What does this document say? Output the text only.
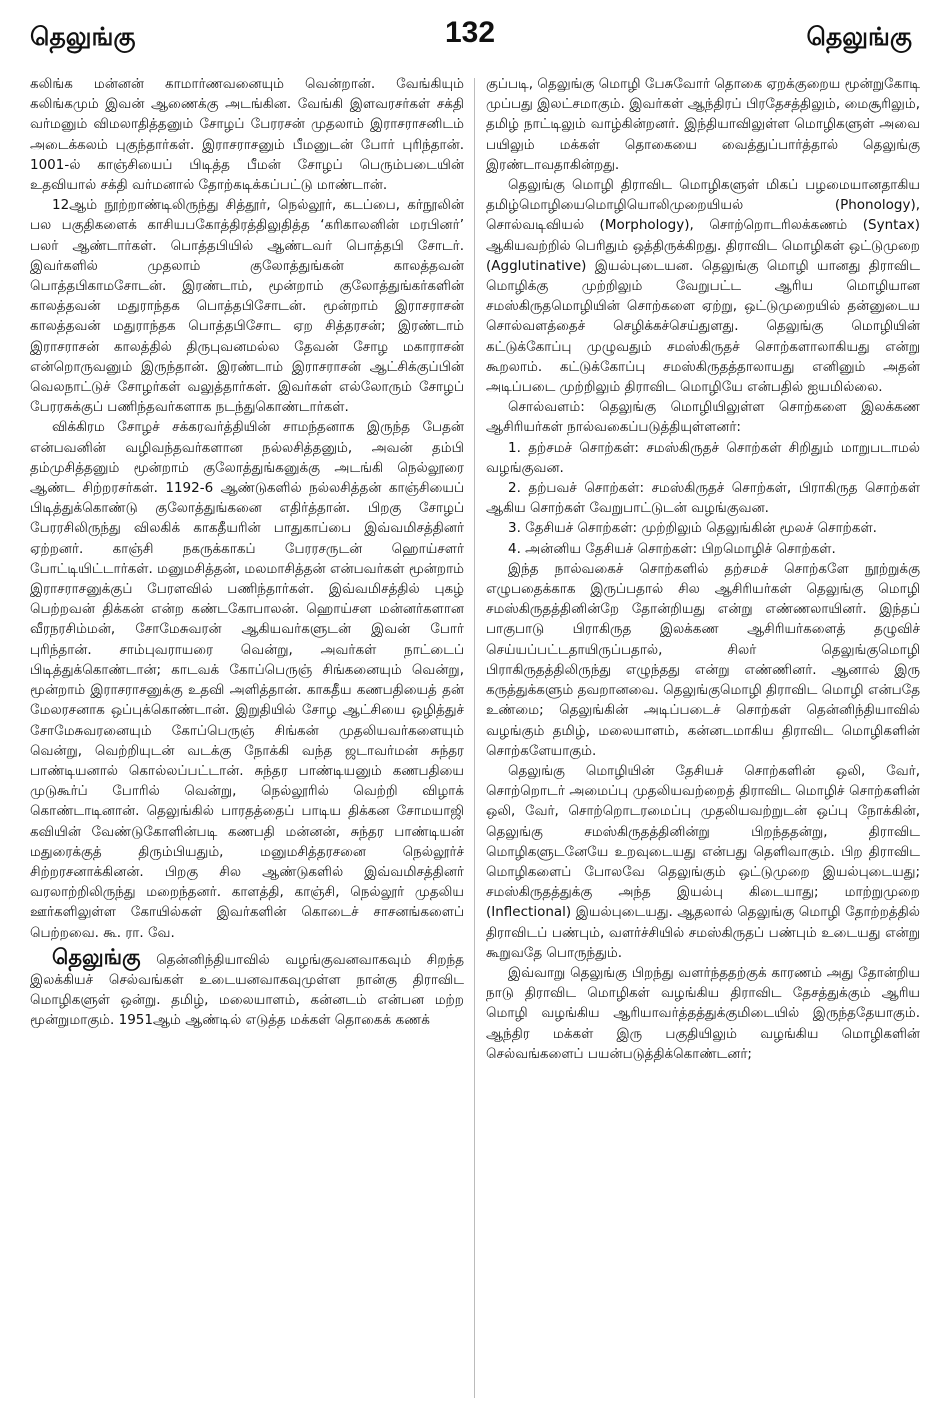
தெலுங்கு	132	தெலுங்கு

கலிங்க மன்னன் காமார்ணவனையும் வென்றான். வேங்கியும் கலிங்கமும் இவன் ஆணைக்கு அடங்கின. வேங்கி இளவரசர்கள் சக்தி வர்மனும் விமலாதித்தனும் சோழப் பேரரசன் முதலாம் இராசராசனிடம் அடைக்கலம் புகுந்தார்கள். இராசராசனும் பீமனுடன் போர் புரிந்தான். 1001-ல் காஞ்சியைப் பிடித்த பீமன் சோழப் பெரும்படையின் உதவியால் சக்தி வர்மனால் தோற்கடிக்கப்பட்டு மாண்டான்.

12ஆம் நூற்றாண்டிலிருந்து சித்தூர், நெல்லூர், கடப்பை, கர்நூலின் பல பகுதிகளைக் காசியபகோத்திரத்திலுதித்த ‘கரிகாலனின் மரபினர்’ பலர் ஆண்டார்கள். பொத்தபியில் ஆண்டவர் பொத்தபி சோடர். இவர்களில் முதலாம் குலோத்துங்கன் காலத்தவன் பொத்தபிகாமசோடன். இரண்டாம், மூன்றாம் குலோத்துங்கர்களின் காலத்தவன் மதுராந்தக பொத்தபிசோடன். மூன்றாம் இராசராசன் காலத்தவன் மதுராந்தக பொத்தபிசோட ஏற சித்தரசன்; இரண்டாம் இராசராசன் காலத்தில் திருபுவனமல்ல தேவன் சோழ மகாராசன் என்றொருவனும் இருந்தான். இரண்டாம் இராசராசன் ஆட்சிக்குப்பின் வெலநாட்டுச் சோழர்கள் வலுத்தார்கள். இவர்கள் எல்லோரும் சோழப் பேரரசுக்குப் பணிந்தவர்களாக நடந்துகொண்டார்கள்.

விக்கிரம சோழச் சக்கரவர்த்தியின் சாமந்தனாக இருந்த பேதன் என்பவனின் வழிவந்தவர்களான நல்லசித்தனும், அவன் தம்பி தம்முசித்தனும் மூன்றாம் குலோத்துங்கனுக்கு அடங்கி நெல்லூரை ஆண்ட சிற்றரசர்கள். 1192-6 ஆண்டுகளில் நல்லசித்தன் காஞ்சியைப் பிடித்துக்கொண்டு குலோத்துங்கனை எதிர்த்தான். பிறகு சோழப் பேரரசிலிருந்து விலகிக் காகதீயரின் பாதுகாப்பை இவ்வமிசத்தினர் ஏற்றனர். காஞ்சி நகருக்காகப் பேரரசருடன் ஹொய்சளர் போட்டியிட்டார்கள். மனுமசித்தன், மலமாசித்தன் என்பவர்கள் மூன்றாம் இராசராசனுக்குப் பேரளவில் பணிந்தார்கள். இவ்வமிசத்தில் புகழ் பெற்றவன் திக்கன் என்ற கண்டகோபாலன். ஹொய்சள மன்னர்களான வீரநரசிம்மன், சோமேசுவரன் ஆகியவர்களுடன் இவன் போர் புரிந்தான். சாம்புவராயரை வென்று, அவர்கள் நாட்டைப் பிடித்துக்கொண்டான்; காடவக் கோப்பெருஞ் சிங்கனையும் வென்று, மூன்றாம் இராசராசனுக்கு உதவி அளித்தான். காகதீய கணபதியைத் தன் மேலரசனாக ஒப்புக்கொண்டான். இறுதியில் சோழ ஆட்சியை ஒழித்துச் சோமேசுவரனையும் கோப்பெருஞ் சிங்கன் முதலியவர்களையும் வென்று, வெற்றியுடன் வடக்கு நோக்கி வந்த ஜடாவர்மன் சுந்தர பாண்டியனால் கொல்லப்பட்டான். சுந்தர பாண்டியனும் கணபதியை முடுகூர்ப் போரில் வென்று, நெல்லூரில் வெற்றி விழாக் கொண்டாடினான். தெலுங்கில் பாரதத்தைப் பாடிய திக்கன சோமயாஜி கவியின் வேண்டுகோளின்படி கணபதி மன்னன், சுந்தர பாண்டியன் மதுரைக்குத் திரும்பியதும், மனுமசித்தரசனை நெல்லூர்ச் சிற்றரசனாக்கினன். பிறகு சில ஆண்டுகளில் இவ்வமிசத்தினர் வரலாற்றிலிருந்து மறைந்தனர். காளத்தி, காஞ்சி, நெல்லூர் முதலிய ஊர்களிலுள்ள கோயில்கள் இவர்களின் கொடைச் சாசனங்களைப் பெற்றவை. கூ. ரா. வே.

தெலுங்கு தென்னிந்தியாவில் வழங்குவனவாகவும் சிறந்த இலக்கியச் செல்வங்கள் உடையனவாகவுமுள்ள நான்கு திராவிட மொழிகளுள் ஒன்று. தமிழ், மலையாளம், கன்னடம் என்பன மற்ற மூன்றுமாகும். 1951ஆம் ஆண்டில் எடுத்த மக்கள் தொகைக் கணக்

குப்படி, தெலுங்கு மொழி பேசுவோர் தொகை ஏறக்குறைய மூன்றுகோடி முப்பது இலட்சமாகும். இவர்கள் ஆந்திரப் பிரதேசத்திலும், மைசூரிலும், தமிழ் நாட்டிலும் வாழ்கின்றனர். இந்தியாவிலுள்ள மொழிகளுள் அவை பயிலும் மக்கள் தொகையை வைத்துப்பார்த்தால் தெலுங்கு இரண்டாவதாகின்றது.

தெலுங்கு மொழி திராவிட மொழிகளுள் மிகப் பழமையானதாகிய தமிழ்மொழியைமொழியொலிமுறையியல் (Phonology), சொல்வடிவியல் (Morphology), சொற்றொடரிலக்கணம் (Syntax) ஆகியவற்றில் பெரிதும் ஒத்திருக்கிறது. திராவிட மொழிகள் ஒட்டுமுறை (Agglutinative) இயல்புடையன. தெலுங்கு மொழி யானது திராவிட மொழிக்கு முற்றிலும் வேறுபட்ட ஆரிய மொழியான சமஸ்கிருதமொழியின் சொற்களை ஏற்று, ஒட்டுமுறையில் தன்னுடைய சொல்வளத்தைச் செழிக்கச்செய்துளது. தெலுங்கு மொழியின் கட்டுக்கோப்பு முழுவதும் சமஸ்கிருதச் சொற்களாலாகியது என்று கூறலாம். கட்டுக்கோப்பு சமஸ்கிருதத்தாலாயது எனினும் அதன் அடிப்படை முற்றிலும் திராவிட மொழியே என்பதில் ஐயமில்லை.

சொல்வளம்: தெலுங்கு மொழியிலுள்ள சொற்களை இலக்கண ஆசிரியர்கள் நால்வகைப்படுத்தியுள்ளனர்:

1. தற்சமச் சொற்கள்: சமஸ்கிருதச் சொற்கள் சிறிதும் மாறுபடாமல் வழங்குவன.

2. தற்பவச் சொற்கள்: சமஸ்கிருதச் சொற்கள், பிராகிருத சொற்கள் ஆகிய சொற்கள் வேறுபாட்டுடன் வழங்குவன.

3. தேசியச் சொற்கள்: முற்றிலும் தெலுங்கின் மூலச் சொற்கள்.

4. அன்னிய தேசியச் சொற்கள்: பிறமொழிச் சொற்கள்.

இந்த நால்வகைச் சொற்களில் தற்சமச் சொற்களே நூற்றுக்கு எழுபதைக்காக இருப்பதால் சில ஆசிரியர்கள் தெலுங்கு மொழி சமஸ்கிருதத்தினின்றே தோன்றியது என்று எண்ணலாயினர். இந்தப் பாகுபாடு பிராகிருத இலக்கண ஆசிரியர்களைத் தழுவிச் செய்யப்பட்டதாயிருப்பதால், சிலர் தெலுங்குமொழி பிராகிருதத்திலிருந்து எழுந்தது என்று எண்ணினர். ஆனால் இரு கருத்துக்களும் தவறானவை. தெலுங்குமொழி திராவிட மொழி என்பதே உண்மை; தெலுங்கின் அடிப்படைச் சொற்கள் தென்னிந்தியாவில் வழங்கும் தமிழ், மலையாளம், கன்னடமாகிய திராவிட மொழிகளின் சொற்களேயாகும்.

தெலுங்கு மொழியின் தேசியச் சொற்களின் ஒலி, வேர், சொற்றொடர் அமைப்பு முதலியவற்றைத் திராவிட மொழிச் சொற்களின் ஒலி, வேர், சொற்றொடரமைப்பு முதலியவற்றுடன் ஒப்பு நோக்கின், தெலுங்கு சமஸ்கிருதத்தினின்று பிறந்ததன்று, திராவிட மொழிகளுடனேயே உறவுடையது என்பது தெளிவாகும். பிற திராவிட மொழிகளைப் போலவே தெலுங்கும் ஒட்டுமுறை இயல்புடையது; சமஸ்கிருதத்துக்கு அந்த இயல்பு கிடையாது; மாற்றுமுறை (Inflectional) இயல்புடையது. ஆதலால் தெலுங்கு மொழி தோற்றத்தில் திராவிடப் பண்பும், வளர்ச்சியில் சமஸ்கிருதப் பண்பும் உடையது என்று கூறுவதே பொருந்தும்.

இவ்வாறு தெலுங்கு பிறந்து வளர்ந்ததற்குக் காரணம் அது தோன்றிய நாடு திராவிட மொழிகள் வழங்கிய திராவிட தேசத்துக்கும் ஆரிய மொழி வழங்கிய ஆரியாவர்த்தத்துக்குமிடையில் இருந்ததேயாகும். ஆந்திர மக்கள் இரு பகுதியிலும் வழங்கிய மொழிகளின் செல்வங்களைப் பயன்படுத்திக்கொண்டனர்;
